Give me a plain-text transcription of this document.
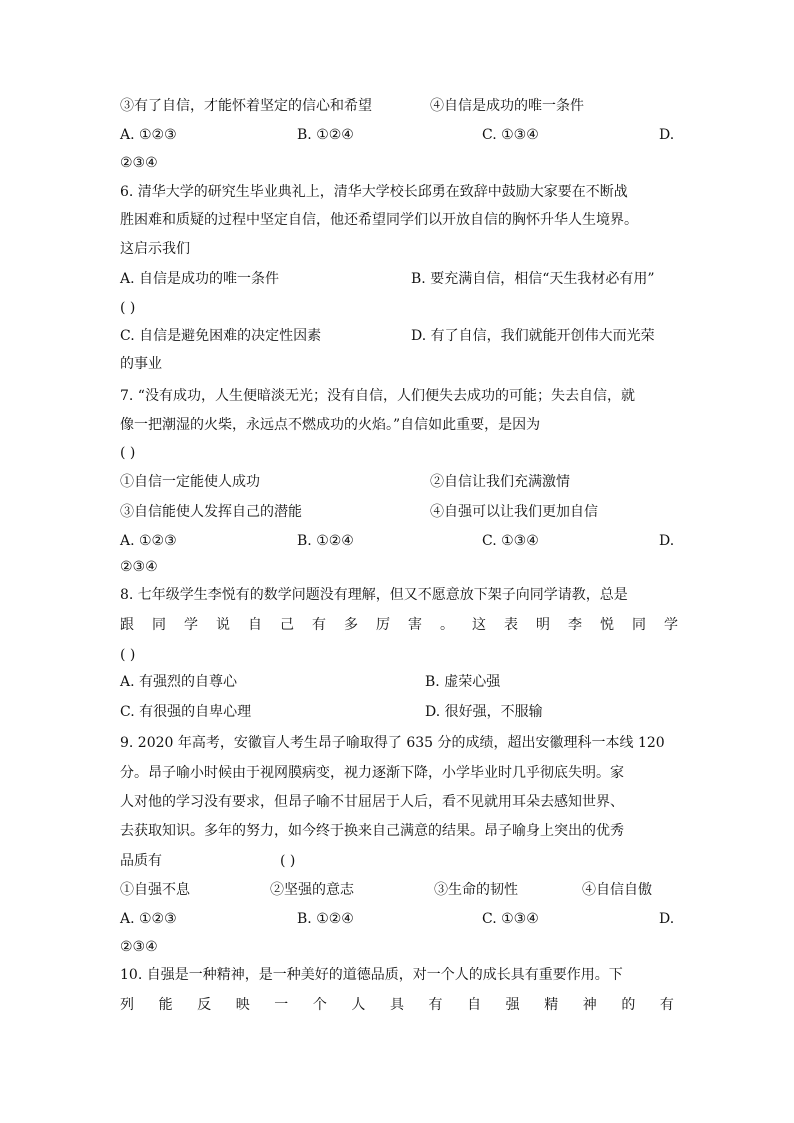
③有了自信，才能怀着坚定的信心和希望	④自信是成功的唯一条件
A. ①②③	B. ①②④	C. ①③④	D.
②③④
6. 清华大学的研究生毕业典礼上，清华大学校长邱勇在致辞中鼓励大家要在不断战
胜困难和质疑的过程中坚定自信，他还希望同学们以开放自信的胸怀升华人生境界。
这启示我们
A. 自信是成功的唯一条件	B. 要充满自信，相信“天生我材必有用”
( )
C. 自信是避免困难的决定性因素	D. 有了自信，我们就能开创伟大而光荣
的事业
7. “没有成功，人生便暗淡无光；没有自信，人们便失去成功的可能；失去自信，就
像一把潮湿的火柴，永远点不燃成功的火焰。”自信如此重要，是因为
( )
①自信一定能使人成功	②自信让我们充满激情
③自信能使人发挥自己的潜能	④自强可以让我们更加自信
A. ①②③	B. ①②④	C. ①③④	D.
②③④
8. 七年级学生李悦有的数学问题没有理解，但又不愿意放下架子向同学请教，总是
跟同学说自己有多厉害。这表明李悦同学
( )
A. 有强烈的自尊心	B. 虚荣心强
C. 有很强的自卑心理	D. 很好强，不服输
9. 2020 年高考，安徽盲人考生昂子喻取得了 635 分的成绩，超出安徽理科一本线 120
分。昂子喻小时候由于视网膜病变，视力逐渐下降，小学毕业时几乎彻底失明。家
人对他的学习没有要求，但昂子喻不甘屈居于人后，看不见就用耳朵去感知世界、
去获取知识。多年的努力，如今终于换来自己满意的结果。昂子喻身上突出的优秀
品质有	( )
①自强不息	②坚强的意志	③生命的韧性	④自信自傲
A. ①②③	B. ①②④	C. ①③④	D.
②③④
10. 自强是一种精神，是一种美好的道德品质，对一个人的成长具有重要作用。下
列 能 反 映 一 个 人 具 有 自 强 精 神 的 有
